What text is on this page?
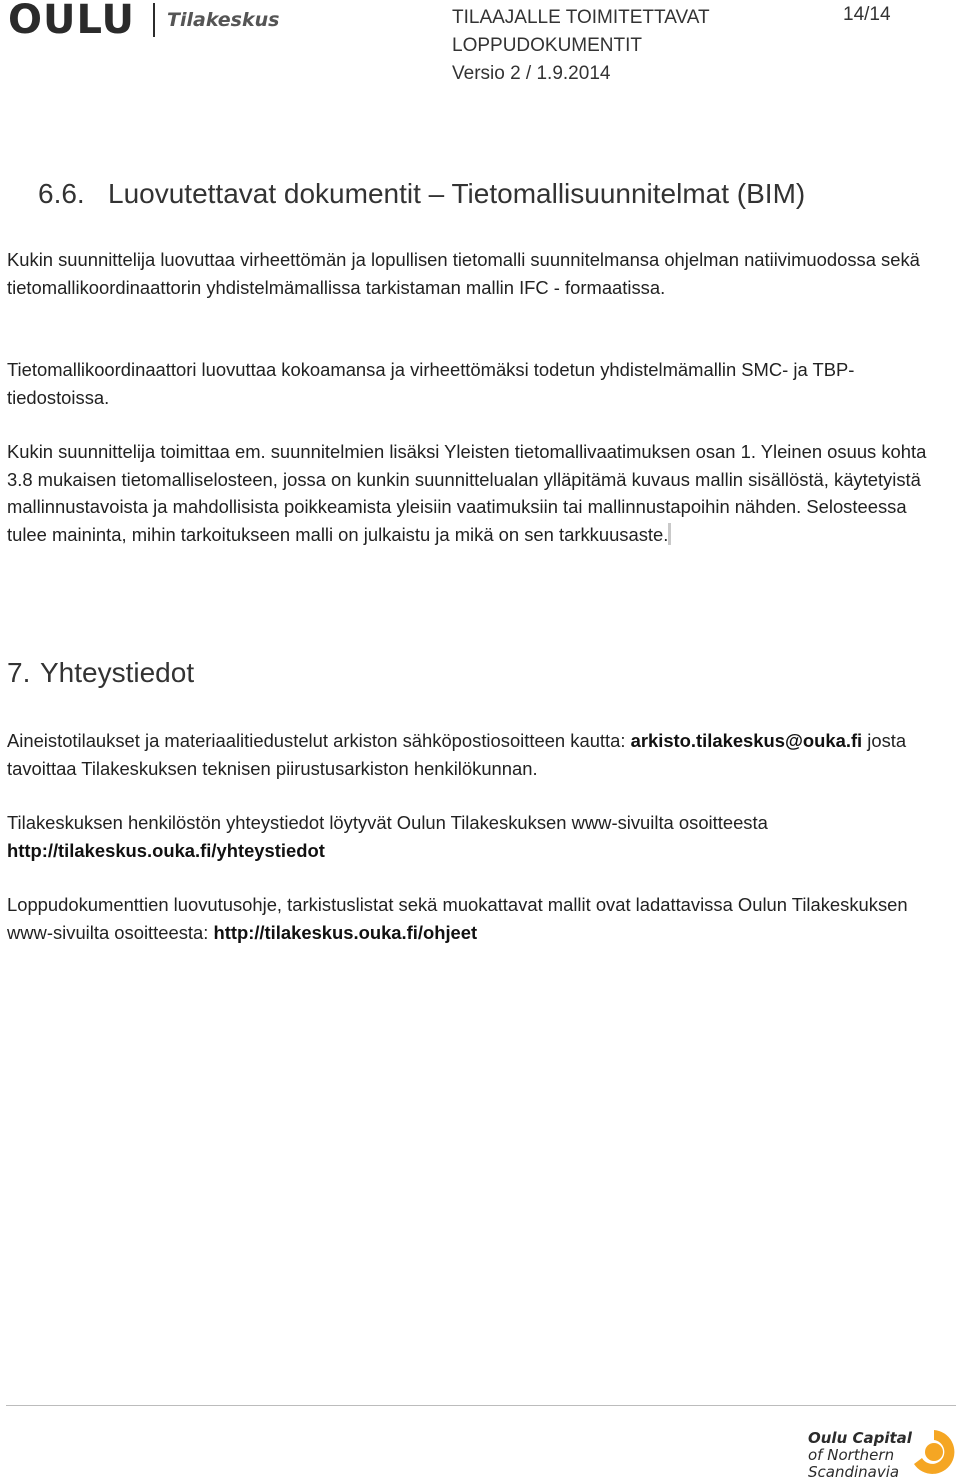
OULU Tilakeskus	TILAAJALLE TOIMITETTAVAT
LOPPUDOKUMENTIT
Versio 2 / 1.9.2014
14/14
6.6. Luovutettavat dokumentit – Tietomallisuunnitelmat (BIM)

Kukin suunnittelija luovuttaa virheettömän ja lopullisen tietomalli suunnitelmansa ohjelman natiivimuodossa sekä tietomallikoordinaattorin yhdistelmämallissa tarkistaman mallin IFC - formaatissa.

Tietomallikoordinaattori luovuttaa kokoamansa ja virheettömäksi todetun yhdistelmämallin SMC- ja TBP- tiedostoissa.

Kukin suunnittelija toimittaa em. suunnitelmien lisäksi Yleisten tietomallivaatimuksen osan 1. Yleinen osuus kohta 3.8 mukaisen tietomalliselosteen, jossa on kunkin suunnittelualan ylläpitämä kuvaus mallin sisällöstä, käytetyistä mallinnustavoista ja mahdollisista poikkeamista yleisiin vaatimuksiin tai mallinnustapoihin nähden. Selosteessa tulee maininta, mihin tarkoitukseen malli on julkaistu ja mikä on sen tarkkuusaste.

7. Yhteystiedot

Aineistotilaukset ja materiaalitiedustelut arkiston sähköpostiosoitteen kautta: arkisto.tilakeskus@ouka.fi josta tavoittaa Tilakeskuksen teknisen piirustusarkiston henkilökunnan.

Tilakeskuksen henkilöstön yhteystiedot löytyvät Oulun Tilakeskuksen www-sivuilta osoitteesta
http://tilakeskus.ouka.fi/yhteystiedot

Loppudokumenttien luovutusohje, tarkistuslistat sekä muokattavat mallit ovat ladattavissa Oulun Tilakeskuksen www-sivuilta osoitteesta: http://tilakeskus.ouka.fi/ohjeet

Oulu Capital
of Northern
Scandinavia
